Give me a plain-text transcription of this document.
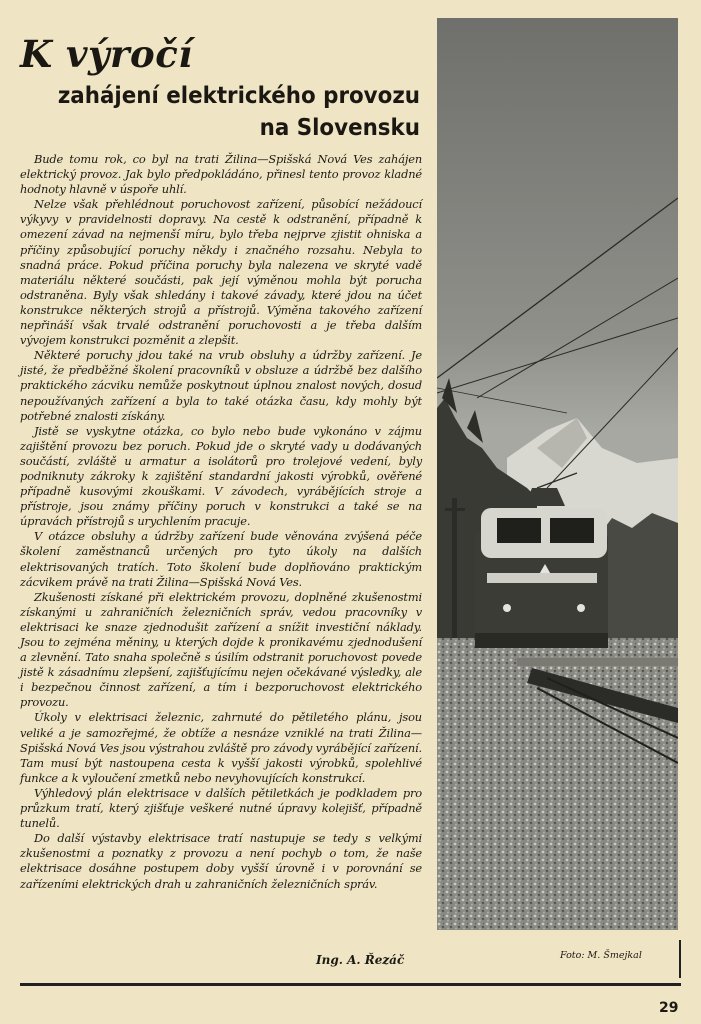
K výročí
zahájení elektrického provozu
na Slovensku

Bude tomu rok, co byl na trati Žilina—Spišská Nová Ves zahájen elektrický provoz. Jak bylo předpokládáno, přinesl tento provoz kladné hodnoty hlavně v úspoře uhlí.

Nelze však přehlédnout poruchovost zařízení, působící nežádoucí výkyvy v pravidelnosti dopravy. Na cestě k odstranění, případně k omezení závad na nejmenší míru, bylo třeba nejprve zjistit ohniska a příčiny způsobující poruchy někdy i značného rozsahu. Nebyla to snadná práce. Pokud příčina poruchy byla nalezena ve skryté vadě materiálu některé součásti, pak její výměnou mohla být porucha odstraněna. Byly však shledány i takové závady, které jdou na účet konstrukce některých strojů a přístrojů. Výměna takového zařízení nepřináší však trvalé odstranění poruchovosti a je třeba dalším vývojem konstrukci pozměnit a zlepšit.

Některé poruchy jdou také na vrub obsluhy a údržby zařízení. Je jisté, že předběžné školení pracovníků v obsluze a údržbě bez dalšího praktického zácviku nemůže poskytnout úplnou znalost nových, dosud nepoužívaných zařízení a byla to také otázka času, kdy mohly být potřebné znalosti získány.

Jistě se vyskytne otázka, co bylo nebo bude vykonáno v zájmu zajištění provozu bez poruch. Pokud jde o skryté vady u dodávaných součástí, zvláště u armatur a isolátorů pro trolejové vedení, byly podniknuty zákroky k zajištění standardní jakosti výrobků, ověřené případně kusovými zkouškami. V závodech, vyrábějících stroje a přístroje, jsou známy příčiny poruch v konstrukci a také se na úpravách přístrojů s urychlením pracuje.

V otázce obsluhy a údržby zařízení bude věnována zvýšená péče školení zaměstnanců určených pro tyto úkoly na dalších elektrisovaných tratích. Toto školení bude doplňováno praktickým zácvikem právě na trati Žilina—Spišská Nová Ves.

Zkušenosti získané při elektrickém provozu, doplněné zkušenostmi získanými u zahraničních železničních správ, vedou pracovníky v elektrisaci ke snaze zjednodušit zařízení a snížit investiční náklady. Jsou to zejména měniny, u kterých dojde k pronikavému zjednodušení a zlevnění. Tato snaha společně s úsilím odstranit poruchovost povede jistě k zásadnímu zlepšení, zajišťujícímu nejen očekávané výsledky, ale i bezpečnou činnost zařízení, a tím i bezporuchovost elektrického provozu.

Úkoly v elektrisaci železnic, zahrnuté do pětiletého plánu, jsou veliké a je samozřejmé, že obtíže a nesnáze vzniklé na trati Žilina—Spišská Nová Ves jsou výstrahou zvláště pro závody vyrábějící zařízení. Tam musí být nastoupena cesta k vyšší jakosti výrobků, spolehlivé funkce a k vyloučení zmetků nebo nevyhovujících konstrukcí.

Výhledový plán elektrisace v dalších pětiletkách je podkladem pro průzkum tratí, který zjišťuje veškeré nutné úpravy kolejišť, případně tunelů.

Do další výstavby elektrisace tratí nastupuje se tedy s velkými zkušenostmi a poznatky z provozu a není pochyb o tom, že naše elektrisace dosáhne postupem doby vyšší úrovně i v porovnání se zařízeními elektrických drah u zahraničních železničních správ.

Ing. A. Řezáč	Foto: M. Šmejkal
29
